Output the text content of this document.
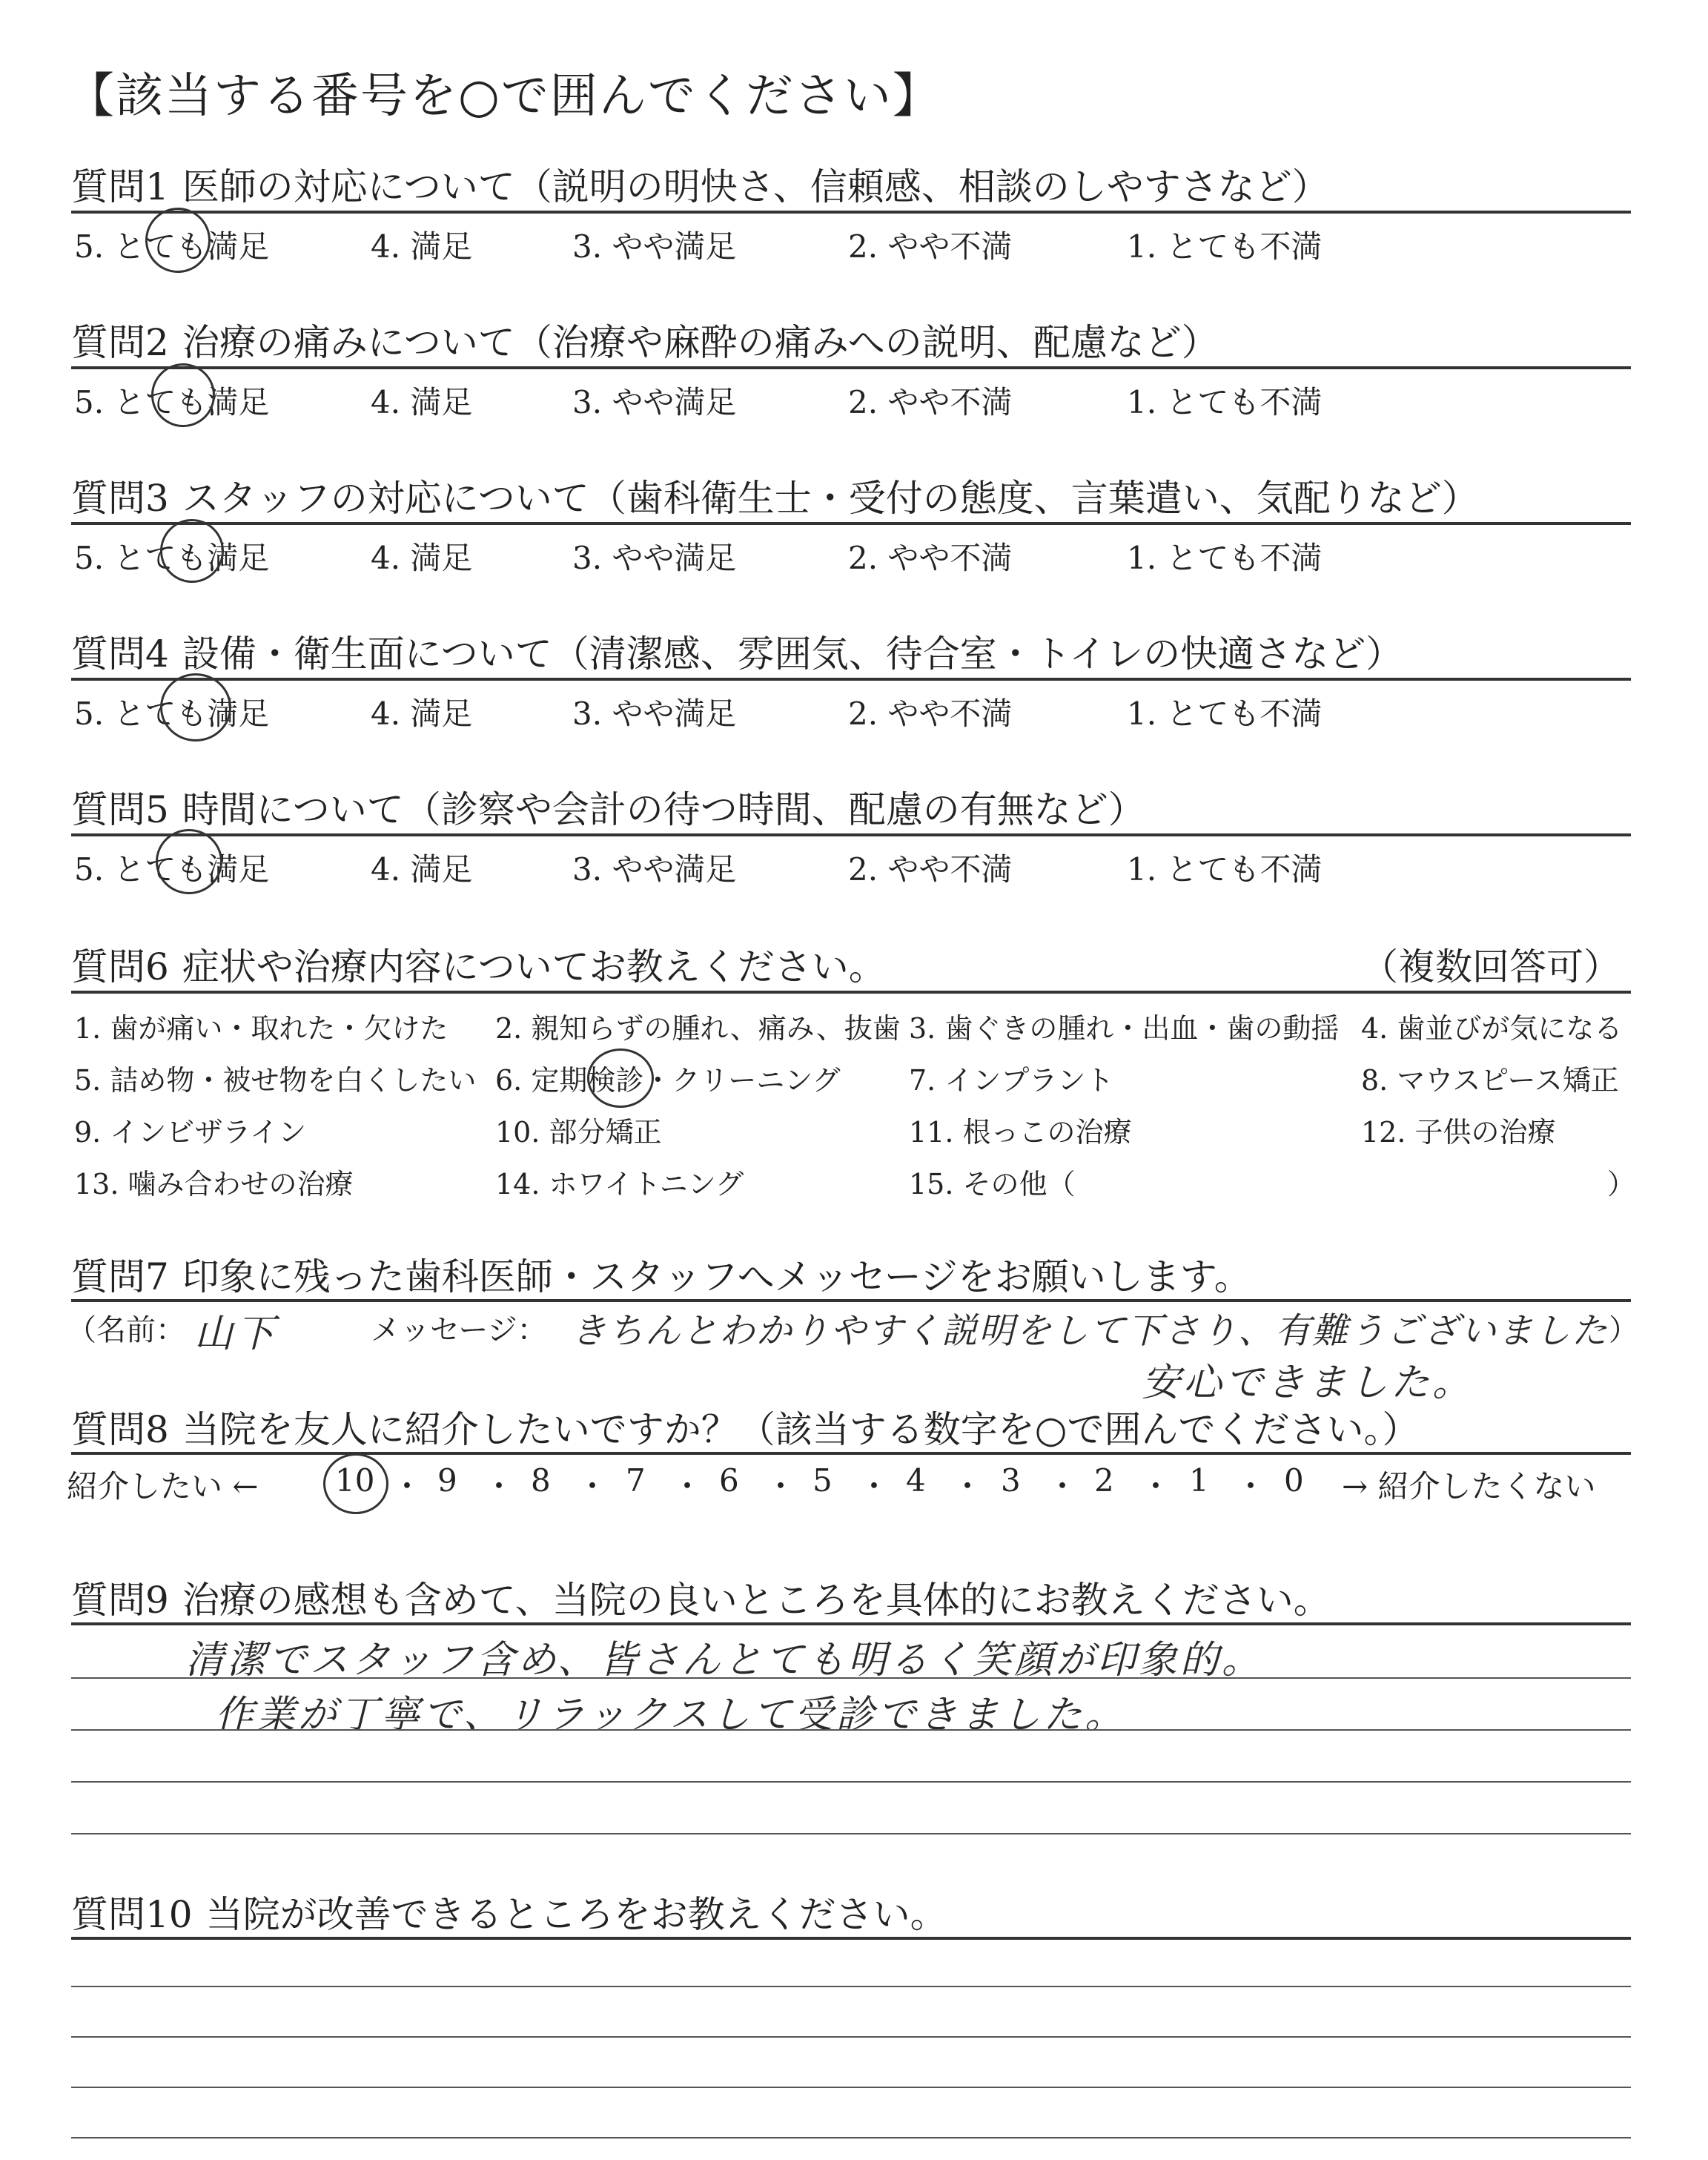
【該当する番号を○で囲んでください】
質問1 医師の対応について（説明の明快さ、信頼感、相談のしやすさなど）
5. とても満足	4. 満足	3. やや満足	2. やや不満	1. とても不満
質問2 治療の痛みについて（治療や麻酔の痛みへの説明、配慮など）
5. とても満足	4. 満足	3. やや満足	2. やや不満	1. とても不満
質問3 スタッフの対応について（歯科衛生士・受付の態度、言葉遣い、気配りなど）
5. とても満足	4. 満足	3. やや満足	2. やや不満	1. とても不満
質問4 設備・衛生面について（清潔感、雰囲気、待合室・トイレの快適さなど）
5. とても満足	4. 満足	3. やや満足	2. やや不満	1. とても不満
質問5 時間について（診察や会計の待つ時間、配慮の有無など）
5. とても満足	4. 満足	3. やや満足	2. やや不満	1. とても不満
質問6 症状や治療内容についてお教えください。	（複数回答可）
1. 歯が痛い・取れた・欠けた 2. 親知らずの腫れ、痛み、抜歯 3. 歯ぐきの腫れ・出血・歯の動揺 4. 歯並びが気になる
5. 詰め物・被せ物を白くしたい 6. 定期検診・クリーニング 7. インプラント	8. マウスピース矯正
9. インビザライン	10. 部分矯正	11. 根っこの治療	12. 子供の治療
13. 噛み合わせの治療	14. ホワイトニング	15. その他（	）
質問7 印象に残った歯科医師・スタッフへメッセージをお願いします。
（名前： 山下	メッセージ： きちんとわかりやすく説明をして下さり、有難うございました ）
安心できました。
質問8 当院を友人に紹介したいですか？（該当する数字を○で囲んでください。）
紹介したい ← 10 ・ 9 ・ 8 ・ 7 ・ 6 ・ 5 ・ 4 ・ 3 ・ 2 ・ 1 ・ 0 → 紹介したくない
質問9 治療の感想も含めて、当院の良いところを具体的にお教えください。
清潔でスタッフ含め、皆さんとても明るく笑顔が印象的。
作業が丁寧で、リラックスして受診できました。
質問10 当院が改善できるところをお教えください。
